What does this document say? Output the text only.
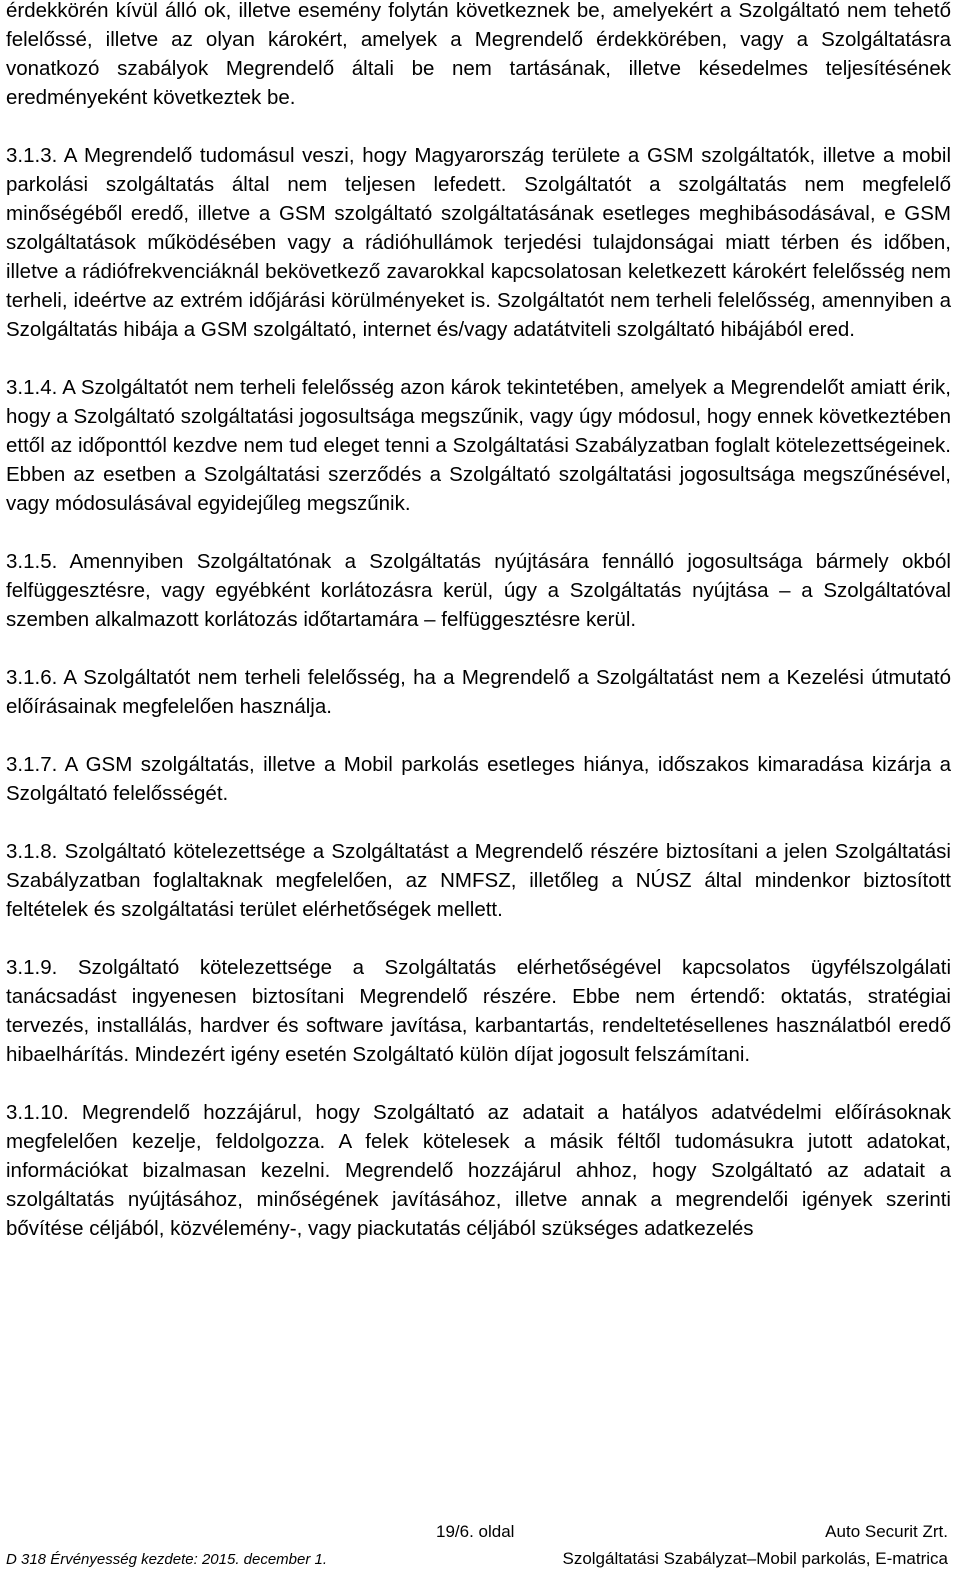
érdekkörén kívül álló ok, illetve esemény folytán következnek be, amelyekért a Szolgáltató nem tehető felelőssé, illetve az olyan károkért, amelyek a Megrendelő érdekkörében, vagy a Szolgáltatásra vonatkozó szabályok Megrendelő általi be nem tartásának, illetve késedelmes teljesítésének eredményeként következtek be.

3.1.3. A Megrendelő tudomásul veszi, hogy Magyarország területe a GSM szolgáltatók, illetve a mobil parkolási szolgáltatás által nem teljesen lefedett. Szolgáltatót a szolgáltatás nem megfelelő minőségéből eredő, illetve a GSM szolgáltató szolgáltatásának esetleges meghibásodásával, e GSM szolgáltatások működésében vagy a rádióhullámok terjedési tulajdonságai miatt térben és időben, illetve a rádiófrekvenciáknál bekövetkező zavarokkal kapcsolatosan keletkezett károkért felelősség nem terheli, ideértve az extrém időjárási körülményeket is. Szolgáltatót nem terheli felelősség, amennyiben a Szolgáltatás hibája a GSM szolgáltató, internet és/vagy adatátviteli szolgáltató hibájából ered.

3.1.4. A Szolgáltatót nem terheli felelősség azon károk tekintetében, amelyek a Megrendelőt amiatt érik, hogy a Szolgáltató szolgáltatási jogosultsága megszűnik, vagy úgy módosul, hogy ennek következtében ettől az időponttól kezdve nem tud eleget tenni a Szolgáltatási Szabályzatban foglalt kötelezettségeinek. Ebben az esetben a Szolgáltatási szerződés a Szolgáltató szolgáltatási jogosultsága megszűnésével, vagy módosulásával egyidejűleg megszűnik.

3.1.5. Amennyiben Szolgáltatónak a Szolgáltatás nyújtására fennálló jogosultsága bármely okból felfüggesztésre, vagy egyébként korlátozásra kerül, úgy a Szolgáltatás nyújtása – a Szolgáltatóval szemben alkalmazott korlátozás időtartamára – felfüggesztésre kerül.

3.1.6. A Szolgáltatót nem terheli felelősség, ha a Megrendelő a Szolgáltatást nem a Kezelési útmutató előírásainak megfelelően használja.

3.1.7. A GSM szolgáltatás, illetve a Mobil parkolás esetleges hiánya, időszakos kimaradása kizárja a Szolgáltató felelősségét.

3.1.8. Szolgáltató kötelezettsége a Szolgáltatást a Megrendelő részére biztosítani a jelen Szolgáltatási Szabályzatban foglaltaknak megfelelően, az NMFSZ, illetőleg a NÚSZ által mindenkor biztosított feltételek és szolgáltatási terület elérhetőségek mellett.

3.1.9. Szolgáltató kötelezettsége a Szolgáltatás elérhetőségével kapcsolatos ügyfélszolgálati tanácsadást ingyenesen biztosítani Megrendelő részére. Ebbe nem értendő: oktatás, stratégiai tervezés, installálás, hardver és software javítása, karbantartás, rendeltetésellenes használatból eredő hibaelhárítás. Mindezért igény esetén Szolgáltató külön díjat jogosult felszámítani.

3.1.10. Megrendelő hozzájárul, hogy Szolgáltató az adatait a hatályos adatvédelmi előírásoknak megfelelően kezelje, feldolgozza. A felek kötelesek a másik féltől tudomásukra jutott adatokat, információkat bizalmasan kezelni. Megrendelő hozzájárul ahhoz, hogy Szolgáltató az adatait a szolgáltatás nyújtásához, minőségének javításához, illetve annak a megrendelői igények szerinti bővítése céljából, közvélemény-, vagy piackutatás céljából szükséges adatkezelés

19/6. oldal	Auto Securit Zrt.
D 318 Érvényesség kezdete: 2015. december 1.	Szolgáltatási Szabályzat–Mobil parkolás, E-matrica
